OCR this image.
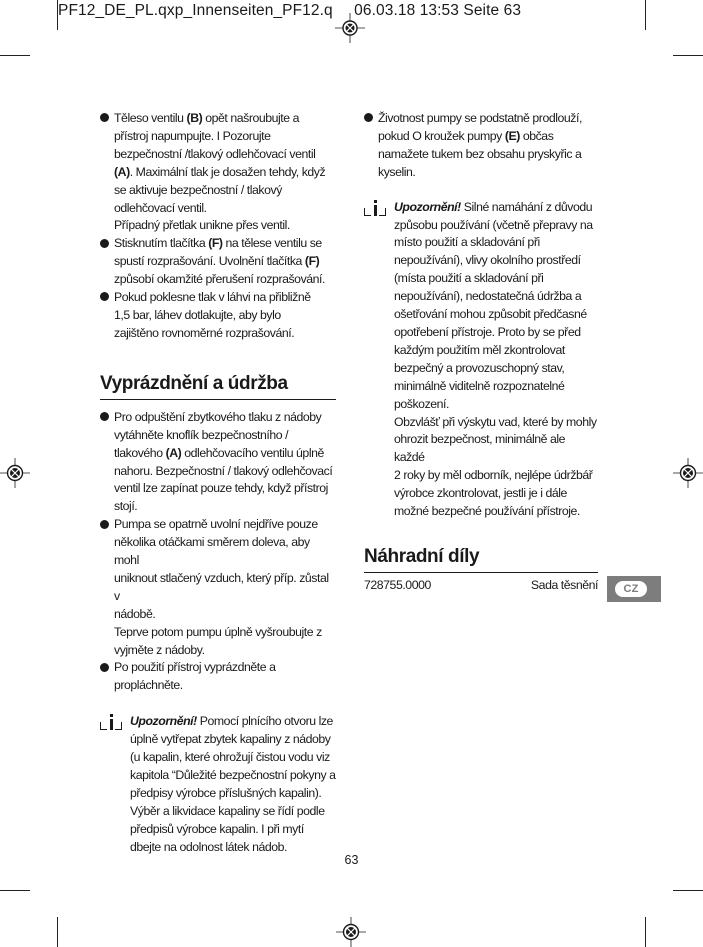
PF12_DE_PL.qxp_Innenseiten_PF12.q 06.03.18 13:53 Seite 63
Těleso ventilu (B) opět našroubujte a
přístroj napumpujte. I Pozorujte
bezpečnostní /tlakový odlehčovací ventil
(A). Maximální tlak je dosažen tehdy, když
se aktivuje bezpečnostní / tlakový
odlehčovací ventil.
Případný přetlak unikne přes ventil.
Stisknutím tlačítka (F) na tělese ventilu se
spustí rozprašování. Uvolnění tlačítka (F)
způsobí okamžité přerušení rozprašování.
Pokud poklesne tlak v láhvi na přibližně
1,5 bar, láhev dotlakujte, aby bylo
zajištěno rovnoměrné rozprašování.
Vyprázdnění a údržba
Pro odpuštění zbytkového tlaku z nádoby
vytáhněte knoflík bezpečnostního /
tlakového (A) odlehčovacího ventilu úplně
nahoru. Bezpečnostní / tlakový odlehčovací
ventil lze zapínat pouze tehdy, když přístroj
stojí.
Pumpa se opatrně uvolní nejdříve pouze
několika otáčkami směrem doleva, aby mohl
uniknout stlačený vzduch, který příp. zůstal v
nádobě.
Teprve potom pumpu úplně vyšroubujte z
vyjměte z nádoby.
Po použití přístroj vyprázdněte a
propláchněte.
Upozornění! Pomocí plnícího otvoru lze
úplně vytřepat zbytek kapaliny z nádoby
(u kapalin, které ohrožují čistou vodu viz
kapitola “Důležité bezpečnostní pokyny a
předpisy výrobce příslušných kapalin).
Výběr a likvidace kapaliny se řídí podle
předpisů výrobce kapalin. I při mytí
dbejte na odolnost látek nádob.
Životnost pumpy se podstatně prodlouží,
pokud O kroužek pumpy (E) občas
namažete tukem bez obsahu pryskyřic a
kyselin.
Upozornění! Silné namáhání z důvodu
způsobu používání (včetně přepravy na
místo použití a skladování při
nepoužívání), vlivy okolního prostředí
(místa použití a skladování při
nepoužívání), nedostatečná údržba a
ošetřování mohou způsobit předčasné
opotřebení přístroje. Proto by se před
každým použitím měl zkontrolovat
bezpečný a provozuschopný stav,
minimálně viditelně rozpoznatelné
poškození.
Obzvlášť při výskytu vad, které by mohly
ohrozit bezpečnost, minimálně ale každé
2 roky by měl odborník, nejlépe údržbář
výrobce zkontrolovat, jestli je i dále
možné bezpečné používání přístroje.
Náhradní díly
728755.0000	Sada těsnění	CZ
63
